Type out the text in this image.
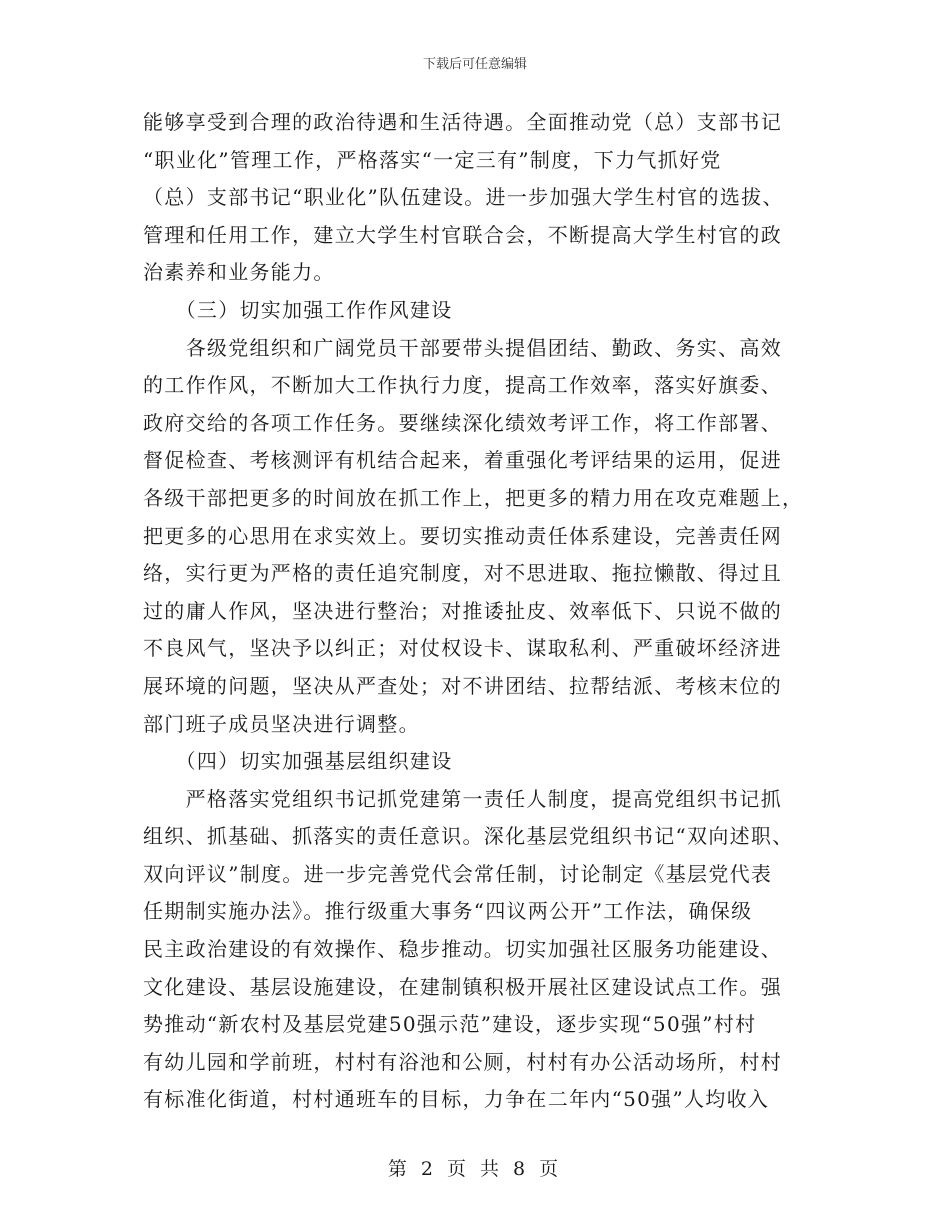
下载后可任意编辑
能够享受到合理的政治待遇和生活待遇。全面推动党（总）支部书记
“职业化”管理工作，严格落实“一定三有”制度，下力气抓好党
（总）支部书记“职业化”队伍建设。进一步加强大学生村官的选拔、
管理和任用工作，建立大学生村官联合会，不断提高大学生村官的政
治素养和业务能力。
　　（三）切实加强工作作风建设
　　各级党组织和广阔党员干部要带头提倡团结、勤政、务实、高效
的工作作风，不断加大工作执行力度，提高工作效率，落实好旗委、
政府交给的各项工作任务。要继续深化绩效考评工作，将工作部署、
督促检查、考核测评有机结合起来，着重强化考评结果的运用，促进
各级干部把更多的时间放在抓工作上，把更多的精力用在攻克难题上，
把更多的心思用在求实效上。要切实推动责任体系建设，完善责任网
络，实行更为严格的责任追究制度，对不思进取、拖拉懒散、得过且
过的庸人作风，坚决进行整治；对推诿扯皮、效率低下、只说不做的
不良风气，坚决予以纠正；对仗权设卡、谋取私利、严重破坏经济进
展环境的问题，坚决从严查处；对不讲团结、拉帮结派、考核末位的
部门班子成员坚决进行调整。
　　（四）切实加强基层组织建设
　　严格落实党组织书记抓党建第一责任人制度，提高党组织书记抓
组织、抓基础、抓落实的责任意识。深化基层党组织书记“双向述职、
双向评议”制度。进一步完善党代会常任制，讨论制定《基层党代表
任期制实施办法》。推行级重大事务“四议两公开”工作法，确保级
民主政治建设的有效操作、稳步推动。切实加强社区服务功能建设、
文化建设、基层设施建设，在建制镇积极开展社区建设试点工作。强
势推动“新农村及基层党建50强示范”建设，逐步实现“50强”村村
有幼儿园和学前班，村村有浴池和公厕，村村有办公活动场所，村村
有标准化街道，村村通班车的目标，力争在二年内“50强”人均收入
第 2 页 共 8 页
